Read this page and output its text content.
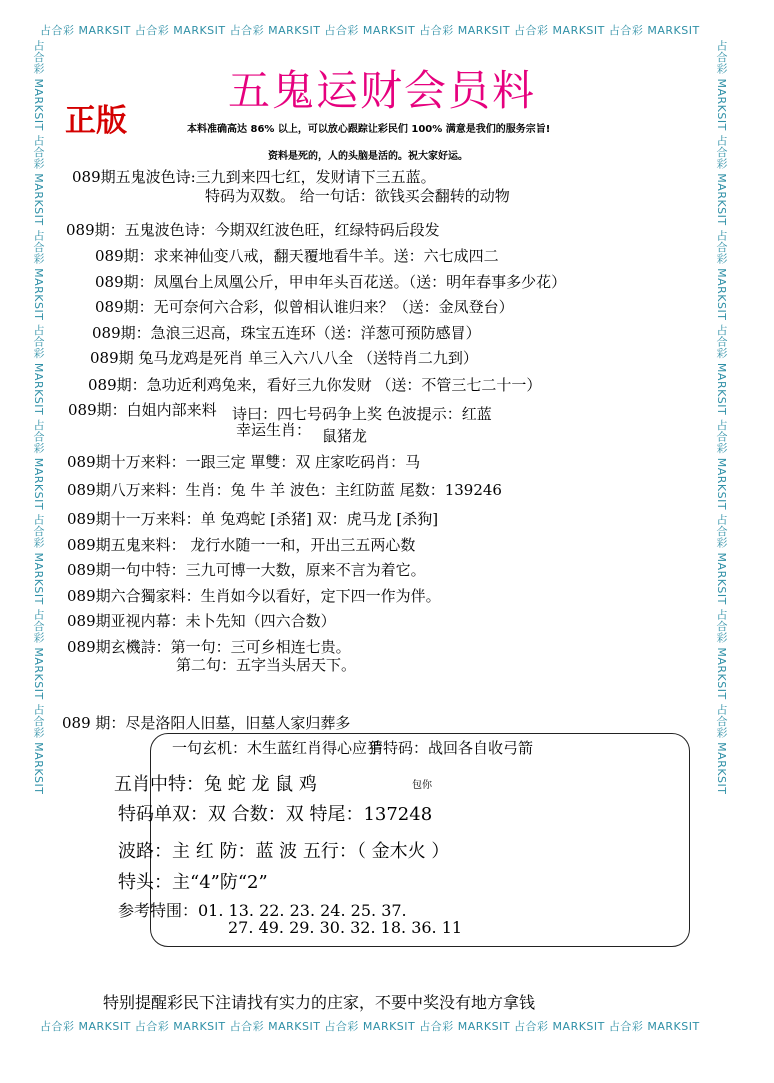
占合彩 MARKSIT 占合彩 MARKSIT 占合彩 MARKSIT 占合彩 MARKSIT 占合彩 MARKSIT 占合彩 MARKSIT 占合彩 MARKSIT
占合彩 MARKSIT 占合彩 MARKSIT 占合彩 MARKSIT 占合彩 MARKSIT 占合彩 MARKSIT 占合彩 MARKSIT 占合彩 MARKSIT
占合彩 MARKSIT 占合彩 MARKSIT 占合彩 MARKSIT 占合彩 MARKSIT 占合彩 MARKSIT 占合彩 MARKSIT 占合彩 MARKSIT 占合彩 MARKSIT	占合彩 MARKSIT 占合彩 MARKSIT 占合彩 MARKSIT 占合彩 MARKSIT 占合彩 MARKSIT 占合彩 MARKSIT 占合彩 MARKSIT 占合彩 MARKSIT
五鬼运财会员料
正版	本料准确高达 86% 以上，可以放心跟踪让彩民们 100% 满意是我们的服务宗旨!
资料是死的，人的头脑是活的。祝大家好运。
089期五鬼波色诗:三九到来四七红，发财请下三五蓝。
特码为双数。 给一句话：欲钱买会翻转的动物
089期：五鬼波色诗：今期双红波色旺，红绿特码后段发
089期：求来神仙变八戒，翻天覆地看牛羊。送：六七成四二
089期：凤凰台上凤凰公斤，甲申年头百花送。（送：明年春事多少花）
089期：无可奈何六合彩，似曾相认谁归来？（送：金凤登台）
089期：急浪三迟高，珠宝五连环（送：洋葱可预防感冒）
089期 兔马龙鸡是死肖 单三入六八八全 （送特肖二九到）
089期：急功近利鸡兔来，看好三九你发财 （送：不管三七二十一）
089期：白姐内部来料 诗曰：四七号码争上奖 色波提示：红蓝
幸运生肖： 鼠猪龙
089期十万来料：一跟三定 單雙：双 庄家吃码肖：马
089期八万来料：生肖：兔 牛 羊 波色：主红防蓝 尾数：139246
089期十一万来料：单 兔鸡蛇 [杀猪] 双：虎马龙 [杀狗]
089期五鬼来料： 龙行水随一一和，开出三五两心数
089期一句中特：三九可博一大数，原来不言为着它。
089期六合獨家料：生肖如今以看好，定下四一作为伴。
089期亚视内幕：未卜先知（四六合数）
089期玄機詩：第一句：三可乡相连七贵。
第二句：五字当头居天下。
089 期：尽是洛阳人旧墓，旧墓人家归葬多
一句玄机：木生蓝红肖得心应手
猜特码：战回各自收弓箭
五肖中特：兔 蛇 龙 鼠 鸡	包你
特码单双：双 合数：双 特尾：137248
波路：主 红 防：蓝 波 五行：（ 金木火 ）
特头：主“4”防“2”
参考特围：01. 13. 22. 23. 24. 25. 37.
27. 49. 29. 30. 32. 18. 36. 11
特别提醒彩民下注请找有实力的庄家，不要中奖没有地方拿钱
